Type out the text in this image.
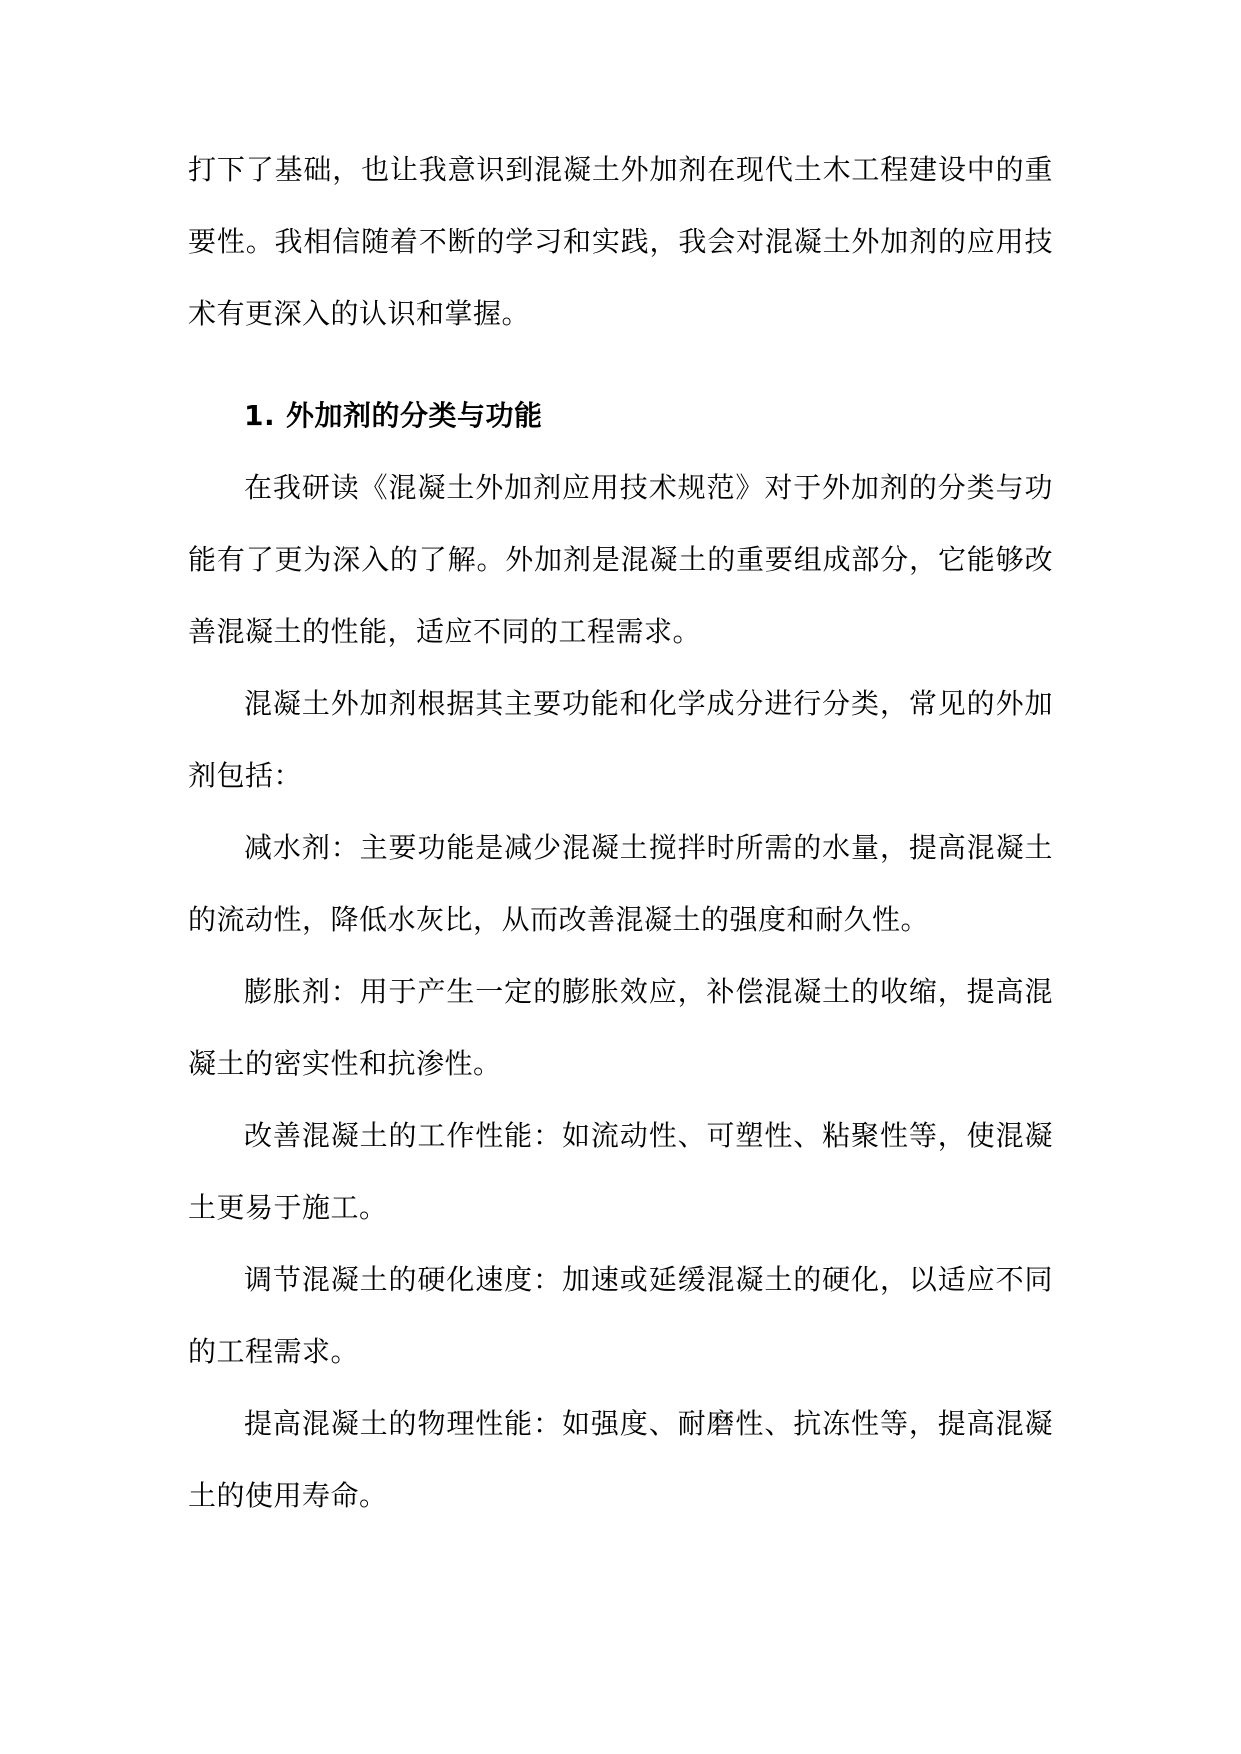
打下了基础，也让我意识到混凝土外加剂在现代土木工程建设中的重要性。我相信随着不断的学习和实践，我会对混凝土外加剂的应用技术有更深入的认识和掌握。

1. 外加剂的分类与功能

在我研读《混凝土外加剂应用技术规范》对于外加剂的分类与功能有了更为深入的了解。外加剂是混凝土的重要组成部分，它能够改善混凝土的性能，适应不同的工程需求。

混凝土外加剂根据其主要功能和化学成分进行分类，常见的外加剂包括：

减水剂：主要功能是减少混凝土搅拌时所需的水量，提高混凝土的流动性，降低水灰比，从而改善混凝土的强度和耐久性。

膨胀剂：用于产生一定的膨胀效应，补偿混凝土的收缩，提高混凝土的密实性和抗渗性。

改善混凝土的工作性能：如流动性、可塑性、粘聚性等，使混凝土更易于施工。

调节混凝土的硬化速度：加速或延缓混凝土的硬化，以适应不同的工程需求。

提高混凝土的物理性能：如强度、耐磨性、抗冻性等，提高混凝土的使用寿命。
